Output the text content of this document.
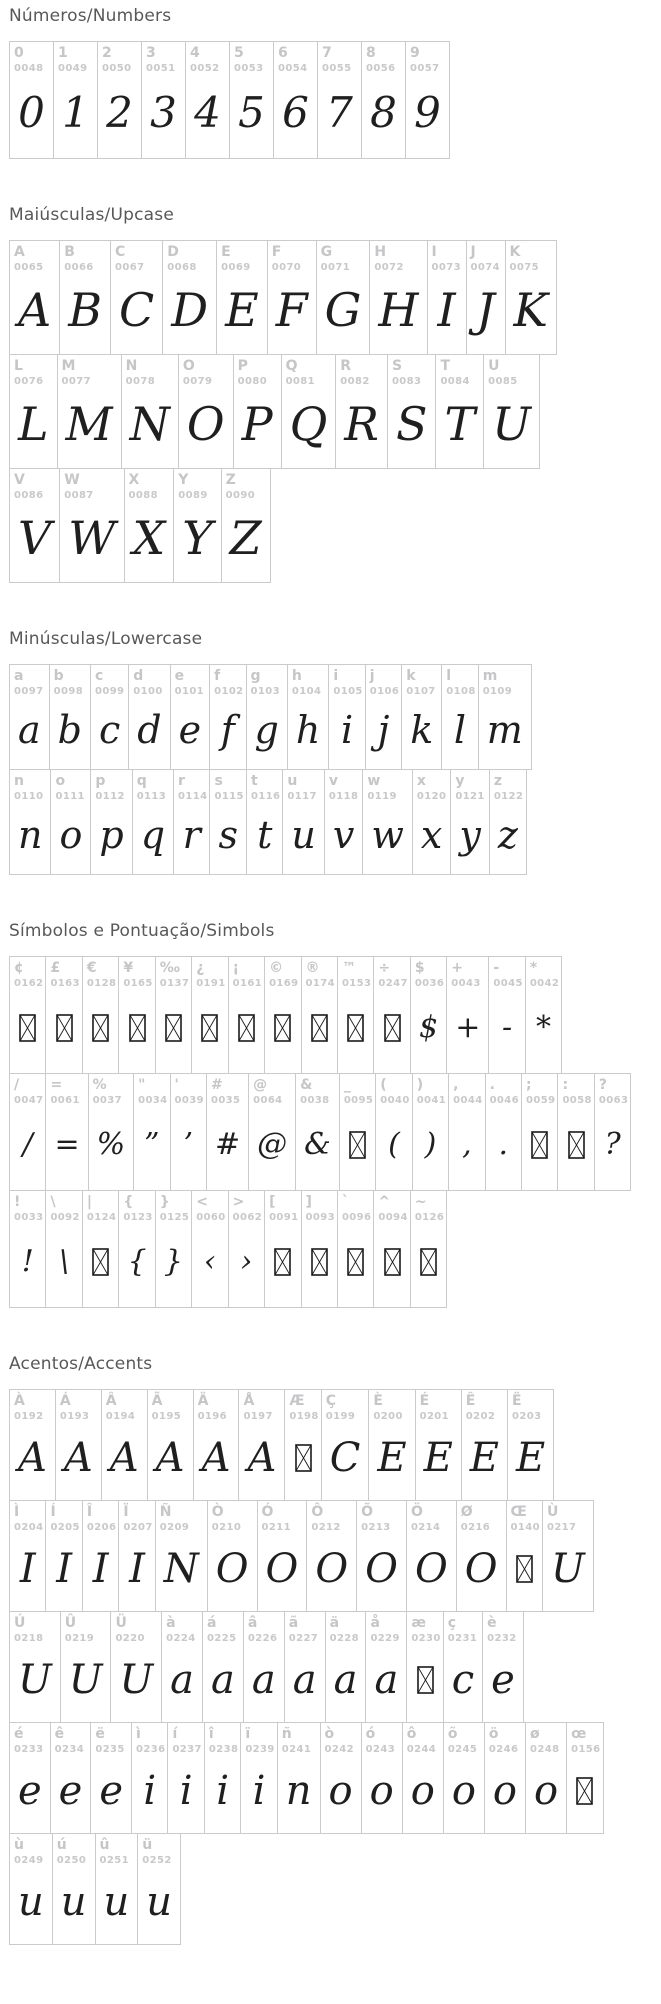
Números/Numbers
0
0048
0
1
0049
1
2
0050
2
3
0051
3
4
0052
4
5
0053
5
6
0054
6
7
0055
7
8
0056
8
9
0057
9
Maiúsculas/Upcase
A
0065
A
B
0066
B
C
0067
C
D
0068
D
E
0069
E
F
0070
F
G
0071
G
H
0072
H
I
0073
I
J
0074
J
K
0075
K
L
0076
L
M
0077
M
N
0078
N
O
0079
O
P
0080
P
Q
0081
Q
R
0082
R
S
0083
S
T
0084
T
U
0085
U
V
0086
V
W
0087
W
X
0088
X
Y
0089
Y
Z
0090
Z
Minúsculas/Lowercase
a
0097
a
b
0098
b
c
0099
c
d
0100
d
e
0101
e
f
0102
f
g
0103
g
h
0104
h
i
0105
i
j
0106
j
k
0107
k
l
0108
l
m
0109
m
n
0110
n
o
0111
o
p
0112
p
q
0113
q
r
0114
r
s
0115
s
t
0116
t
u
0117
u
v
0118
v
w
0119
w
x
0120
x
y
0121
y
z
0122
z
Símbolos e Pontuação/Simbols
¢
0162
£
0163
€
0128
¥
0165
‰
0137
¿
0191
¡
0161
©
0169
®
0174
™
0153
÷
0247
$
0036
$
+
0043
+
-
0045
-
*
0042
*
/
0047
/
=
0061
=
%
0037
%
"
0034
”
'
0039
’
#
0035
#
@
0064
@
&
0038
&
_
0095
(
0040
(
)
0041
)
,
0044
,
.
0046
.
;
0059
:
0058
?
0063
?
!
0033
!
\
0092
\
|
0124
{
0123
{
}
0125
}
<
0060
‹
>
0062
›
[
0091
]
0093
`
0096
^
0094
~
0126
Acentos/Accents
À
0192
A
Á
0193
A
Â
0194
A
Ã
0195
A
Ä
0196
A
Å
0197
A
Æ
0198
Ç
0199
C
È
0200
E
É
0201
E
Ê
0202
E
Ë
0203
E
Ì
0204
I
Í
0205
I
Î
0206
I
Ï
0207
I
Ñ
0209
N
Ò
0210
O
Ó
0211
O
Ô
0212
O
Õ
0213
O
Ö
0214
O
Ø
0216
O
Œ
0140
Ù
0217
U
Ú
0218
U
Û
0219
U
Ü
0220
U
à
0224
a
á
0225
a
â
0226
a
ã
0227
a
ä
0228
a
å
0229
a
æ
0230
ç
0231
c
è
0232
e
é
0233
e
ê
0234
e
ë
0235
e
ì
0236
i
í
0237
i
î
0238
i
ï
0239
i
ñ
0241
n
ò
0242
o
ó
0243
o
ô
0244
o
õ
0245
o
ö
0246
o
ø
0248
o
œ
0156
ù
0249
u
ú
0250
u
û
0251
u
ü
0252
u
